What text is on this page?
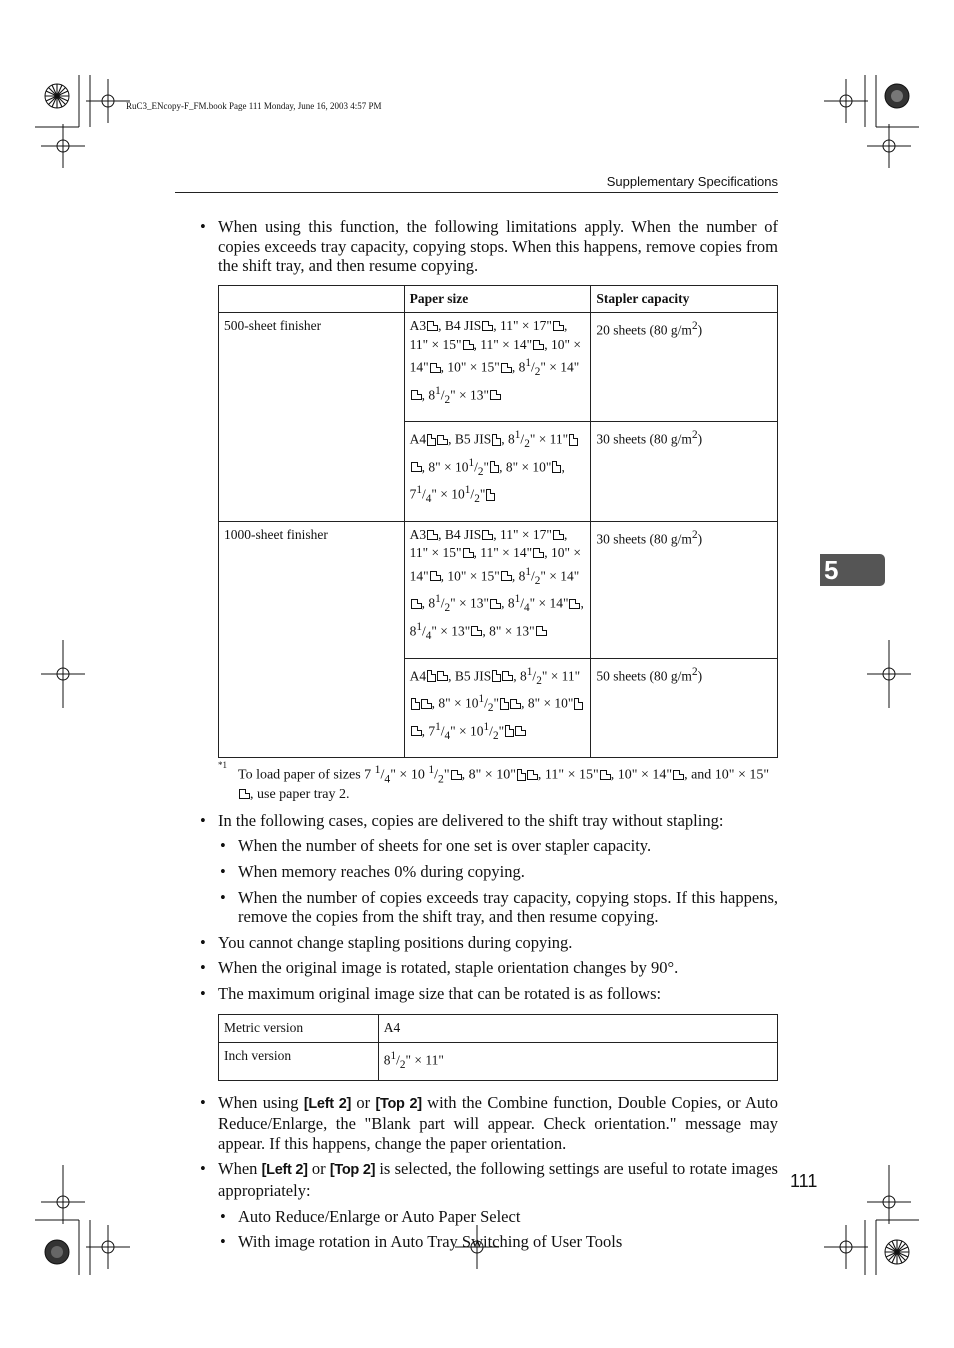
RuC3_ENcopy-F_FM.book Page 111 Monday, June 16, 2003 4:57 PM
Supplementary Specifications
5
111
• When using this function, the following limitations apply. When the number of copies exceeds tray capacity, copying stops. When this happens, remove copies from the shift tray, and then resume copying.
	Paper size	Stapler capacity
500-sheet finisher	A3 , B4 JIS , 11" × 17" , 11" × 15" , 11" × 14" , 10" × 14" , 10" × 15" , $8^1/_2$" × 14", $8^1/_2$" × 13"	20 sheets (80 $g/m^2$)
	A4 , B5 JIS , $8^1/_2$" × 11", 8" × $10^1/_2$" , 8" × 10" , $7^1/_4$" × $10^1/_2$"	30 sheets (80 $g/m^2$)
1000-sheet finisher	A3 , B4 JIS , 11" × 17" , 11" × 15" , 11" × 14" , 10" × 14" , 10" × 15" , $8^1/_2$" × 14", $8^1/_2$" × 13" , $8^1/_4$" × 14" , $8^1/_4$" × 13" , 8" × 13"	30 sheets (80 $g/m^2$)
	A4 , B5 JIS , $8^1/_2$" × 11", 8" × $10^1/_2$" , 8" × 10", $7^1/_4$" × $10^1/_2$"	50 sheets (80 $g/m^2$)
*1
To load paper of sizes 7 $^1/_4$" × 10 $^1/_2$" , 8" × 10" , 11" × 15" , 10" × 14" , and 10" × 15", use paper tray 2.
• In the following cases, copies are delivered to the shift tray without stapling:
• When the number of sheets for one set is over stapler capacity.
• When memory reaches 0% during copying.
• When the number of copies exceeds tray capacity, copying stops. If this happens, remove the copies from the shift tray, and then resume copying.
• You cannot change stapling positions during copying.
• When the original image is rotated, staple orientation changes by 90°.
• The maximum original image size that can be rotated is as follows:
Metric version	A4
Inch version	$8^1/_2$" × 11"
• When using [Left 2] or [Top 2] with the Combine function, Double Copies, or Auto Reduce/Enlarge, the "Blank part will appear. Check orientation." message may appear. If this happens, change the paper orientation.
• When [Left 2] or [Top 2] is selected, the following settings are useful to rotate images appropriately:
• Auto Reduce/Enlarge or Auto Paper Select
• With image rotation in Auto Tray Switching of User Tools
